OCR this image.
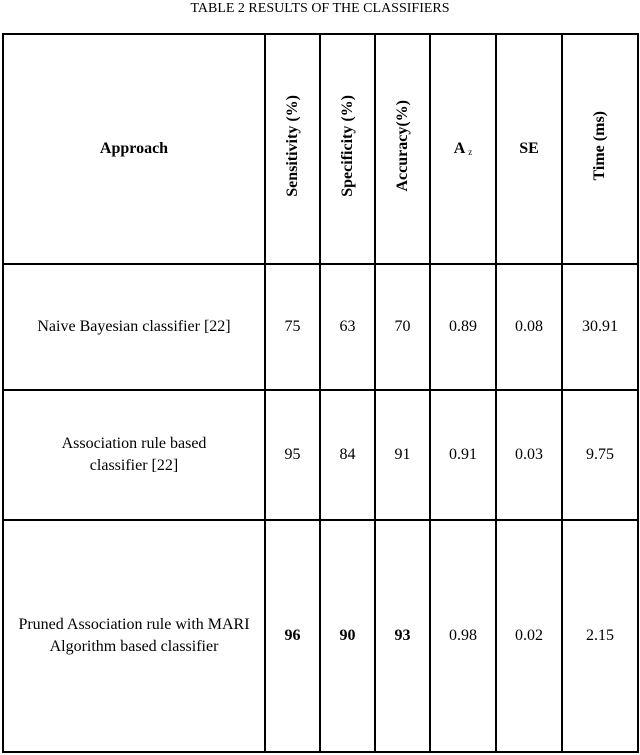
TABLE 2 RESULTS OF THE CLASSIFIERS
Approach	Sensitivity (%)	Specificity (%)	Accuracy(%)	A z	SE	Time (ms)
Naive Bayesian classifier [22]	75	63	70	0.89	0.08	30.91
Association rule based classifier [22]	95	84	91	0.91	0.03	9.75
Pruned Association rule with MARI Algorithm based classifier	96	90	93	0.98	0.02	2.15
